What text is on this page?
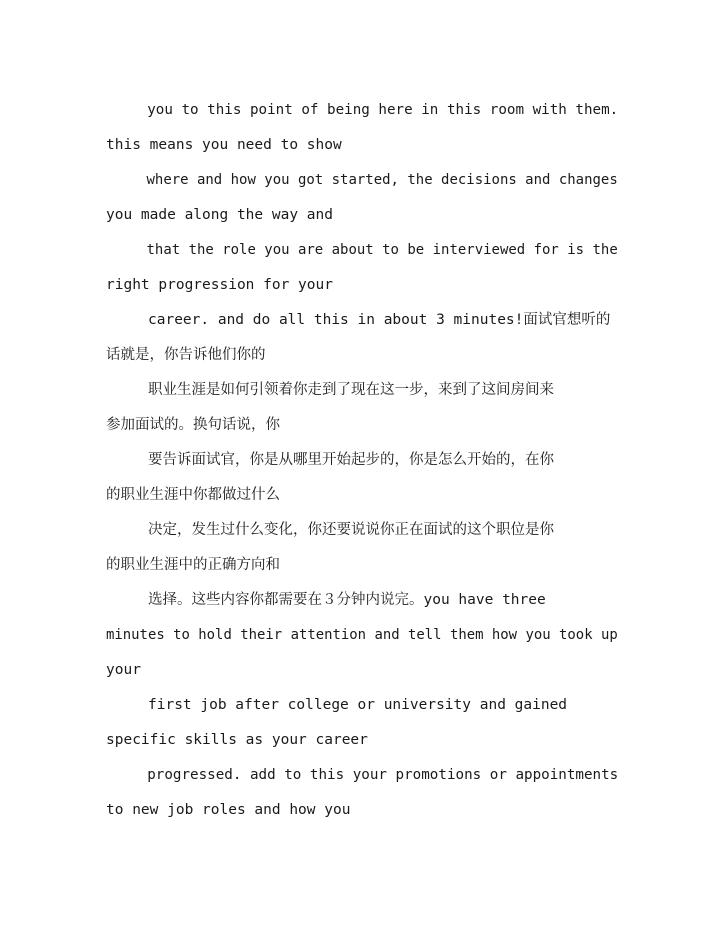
you to this point of being here in this room with them.
this means you need to show
where and how you got started, the decisions and changes
you made along the way and
that the role you are about to be interviewed for is the
right progression for your
career. and do all this in about 3 minutes!面试官想听的
话就是，你告诉他们你的
职业生涯是如何引领着你走到了现在这一步，来到了这间房间来
参加面试的。换句话说，你
要告诉面试官，你是从哪里开始起步的，你是怎么开始的，在你
的职业生涯中你都做过什么
决定，发生过什么变化，你还要说说你正在面试的这个职位是你
的职业生涯中的正确方向和
选择。这些内容你都需要在３分钟内说完。you have three
minutes to hold their attention and tell them how you took up
your
first job after college or university and gained
specific skills as your career
progressed. add to this your promotions or appointments
to new job roles and how you
